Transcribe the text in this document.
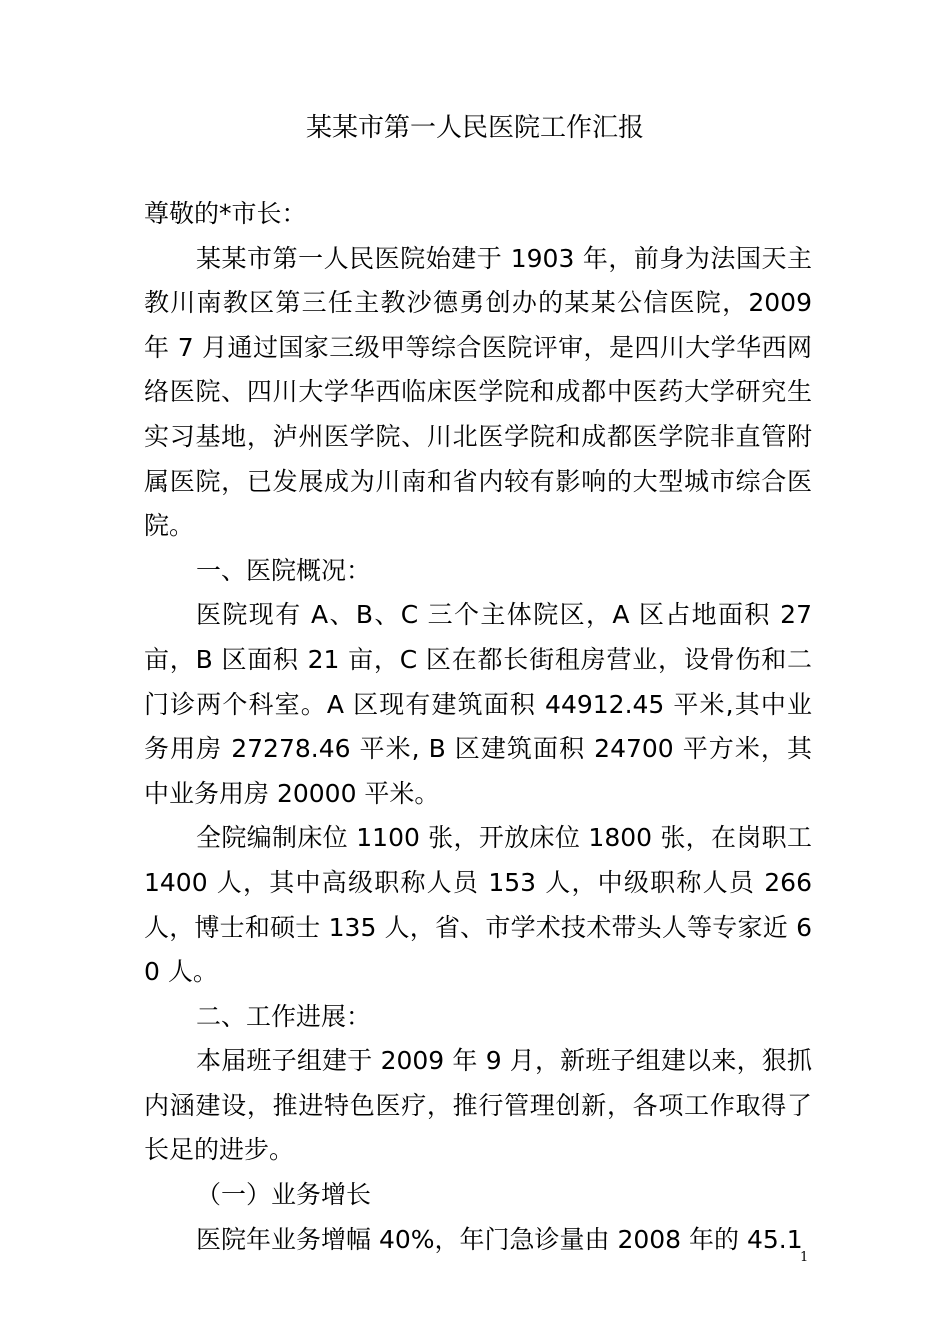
某某市第一人民医院工作汇报

尊敬的*市长：

某某市第一人民医院始建于 1903 年，前身为法国天主教川南教区第三任主教沙德勇创办的某某公信医院，2009 年 7 月通过国家三级甲等综合医院评审，是四川大学华西网络医院、四川大学华西临床医学院和成都中医药大学研究生实习基地，泸州医学院、川北医学院和成都医学院非直管附属医院，已发展成为川南和省内较有影响的大型城市综合医院。

一、医院概况：

医院现有 A、B、C 三个主体院区，A 区占地面积 27 亩，B 区面积 21 亩，C 区在都长街租房营业，设骨伤和二门诊两个科室。A 区现有建筑面积 44912.45 平米,其中业务用房 27278.46 平米, B 区建筑面积 24700 平方米，其中业务用房 20000 平米。

全院编制床位 1100 张，开放床位 1800 张，在岗职工 1400 人，其中高级职称人员 153 人，中级职称人员 266 人，博士和硕士 135 人，省、市学术技术带头人等专家近 60 人。

二、工作进展：

本届班子组建于 2009 年 9 月，新班子组建以来，狠抓内涵建设，推进特色医疗，推行管理创新，各项工作取得了长足的进步。

（一）业务增长

医院年业务增幅 40%，年门急诊量由 2008 年的 45.1

1
